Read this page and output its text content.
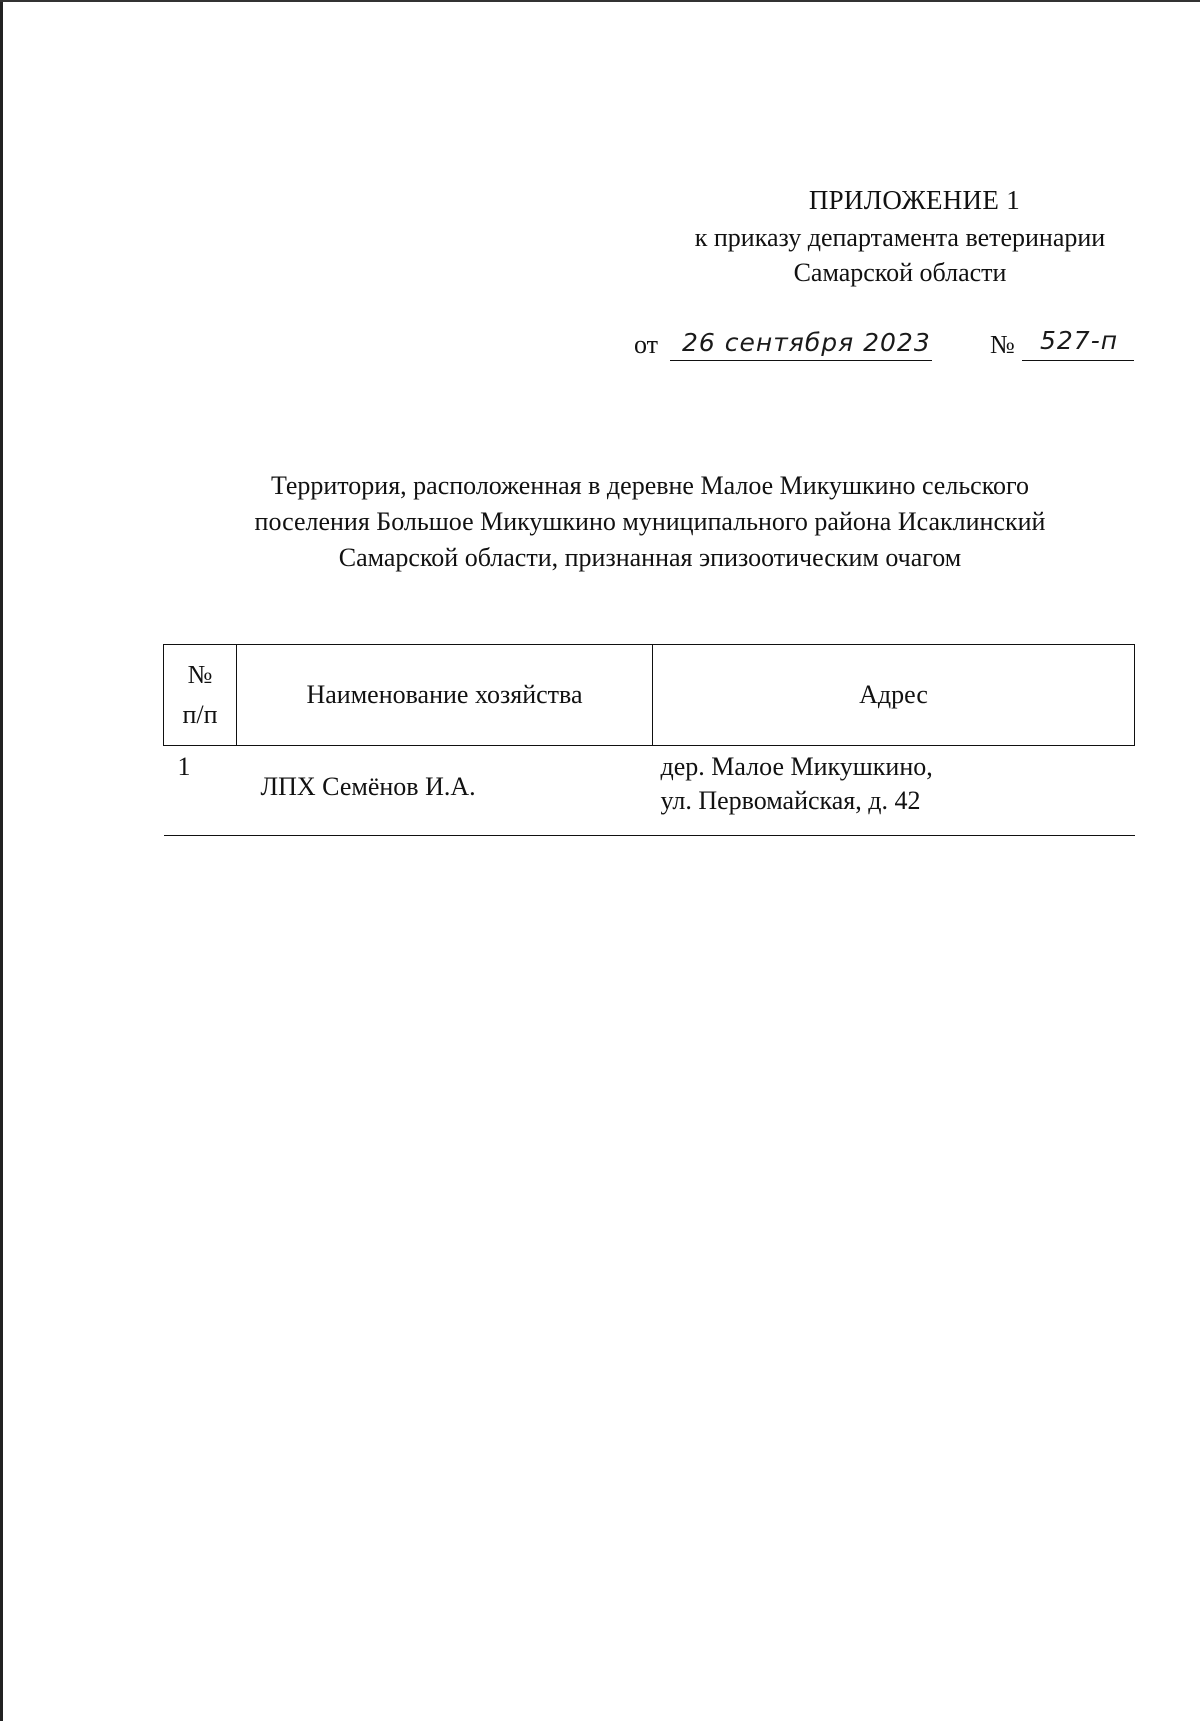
ПРИЛОЖЕНИЕ 1
к приказу департамента ветеринарии
Самарской области
от 26 сентября 2023 № 527-п
Территория, расположенная в деревне Малое Микушкино сельского
поселения Большое Микушкино муниципального района Исаклинский
Самарской области, признанная эпизоотическим очагом
№
п/п	Наименование хозяйства	Адрес
1	ЛПХ Семёнов И.А.	дер. Малое Микушкино,
ул. Первомайская, д. 42
